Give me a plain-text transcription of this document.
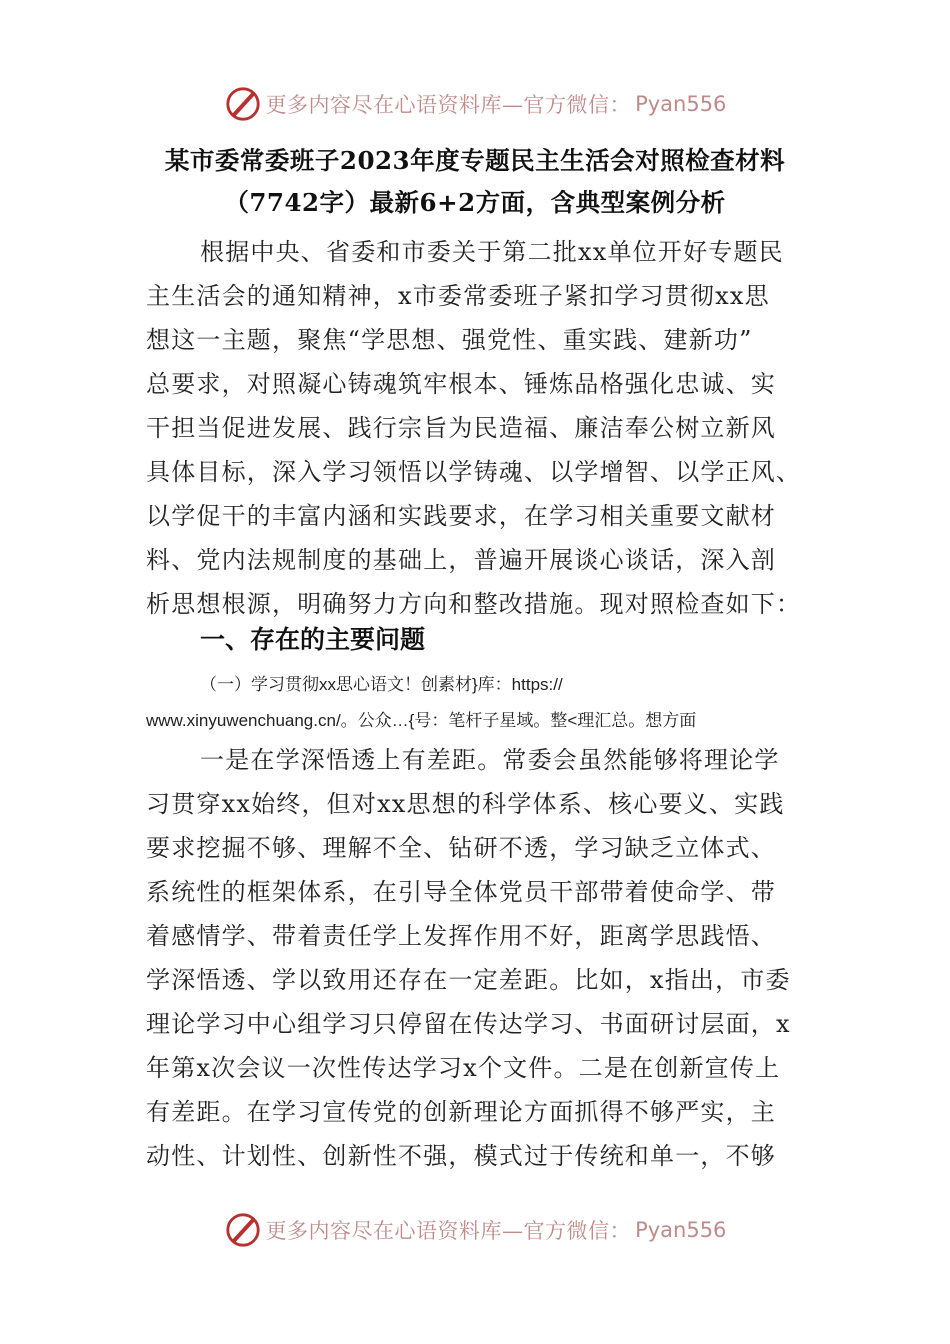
更多内容尽在心语资料库—官方微信： Pyan556
某市委常委班子2023年度专题民主生活会对照检查材料
（7742字）最新6+2方面，含典型案例分析
根据中央、省委和市委关于第二批xx单位开好专题民
主生活会的通知精神，x市委常委班子紧扣学习贯彻xx思
想这一主题，聚焦“学思想、强党性、重实践、建新功”
总要求，对照凝心铸魂筑牢根本、锤炼品格强化忠诚、实
干担当促进发展、践行宗旨为民造福、廉洁奉公树立新风
具体目标，深入学习领悟以学铸魂、以学增智、以学正风、
以学促干的丰富内涵和实践要求，在学习相关重要文献材
料、党内法规制度的基础上，普遍开展谈心谈话，深入剖
析思想根源，明确努力方向和整改措施。现对照检查如下：
一、存在的主要问题
（一）学习贯彻xx思心语文！创素材}库：https://
www.xinyuwenchuang.cn/。公众…{号：笔杆子星域。整<理汇总。想方面
一是在学深悟透上有差距。常委会虽然能够将理论学
习贯穿xx始终，但对xx思想的科学体系、核心要义、实践
要求挖掘不够、理解不全、钻研不透，学习缺乏立体式、
系统性的框架体系，在引导全体党员干部带着使命学、带
着感情学、带着责任学上发挥作用不好，距离学思践悟、
学深悟透、学以致用还存在一定差距。比如，x指出，市委
理论学习中心组学习只停留在传达学习、书面研讨层面，x
年第x次会议一次性传达学习x个文件。二是在创新宣传上
有差距。在学习宣传党的创新理论方面抓得不够严实，主
动性、计划性、创新性不强，模式过于传统和单一，不够
更多内容尽在心语资料库—官方微信： Pyan556
